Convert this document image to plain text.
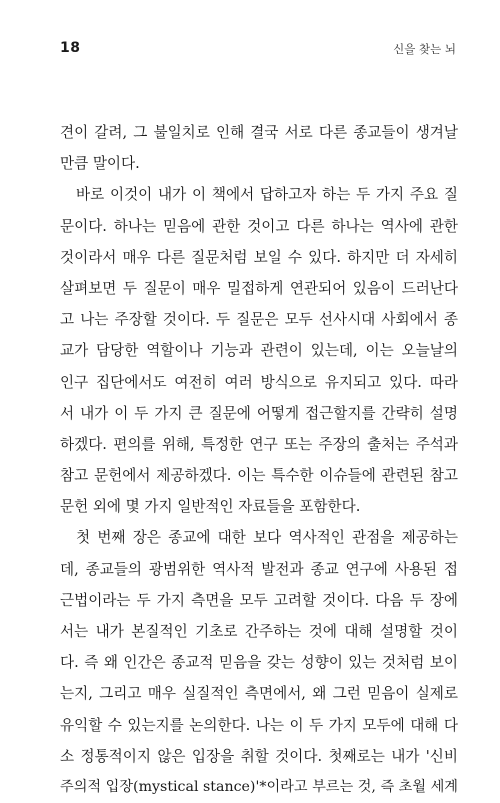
18	신을 찾는 뇌
견이 갈려, 그 불일치로 인해 결국 서로 다른 종교들이 생겨날
만큼 말이다.
바로 이것이 내가 이 책에서 답하고자 하는 두 가지 주요 질
문이다. 하나는 믿음에 관한 것이고 다른 하나는 역사에 관한
것이라서 매우 다른 질문처럼 보일 수 있다. 하지만 더 자세히
살펴보면 두 질문이 매우 밀접하게 연관되어 있음이 드러난다
고 나는 주장할 것이다. 두 질문은 모두 선사시대 사회에서 종
교가 담당한 역할이나 기능과 관련이 있는데, 이는 오늘날의
인구 집단에서도 여전히 여러 방식으로 유지되고 있다. 따라
서 내가 이 두 가지 큰 질문에 어떻게 접근할지를 간략히 설명
하겠다. 편의를 위해, 특정한 연구 또는 주장의 출처는 주석과
참고 문헌에서 제공하겠다. 이는 특수한 이슈들에 관련된 참고
문헌 외에 몇 가지 일반적인 자료들을 포함한다.
첫 번째 장은 종교에 대한 보다 역사적인 관점을 제공하는
데, 종교들의 광범위한 역사적 발전과 종교 연구에 사용된 접
근법이라는 두 가지 측면을 모두 고려할 것이다. 다음 두 장에
서는 내가 본질적인 기초로 간주하는 것에 대해 설명할 것이
다. 즉 왜 인간은 종교적 믿음을 갖는 성향이 있는 것처럼 보이
는지, 그리고 매우 실질적인 측면에서, 왜 그런 믿음이 실제로
유익할 수 있는지를 논의한다. 나는 이 두 가지 모두에 대해 다
소 정통적이지 않은 입장을 취할 것이다. 첫째로는 내가 '신비
주의적 입장(mystical stance)'*이라고 부르는 것, 즉 초월 세계
